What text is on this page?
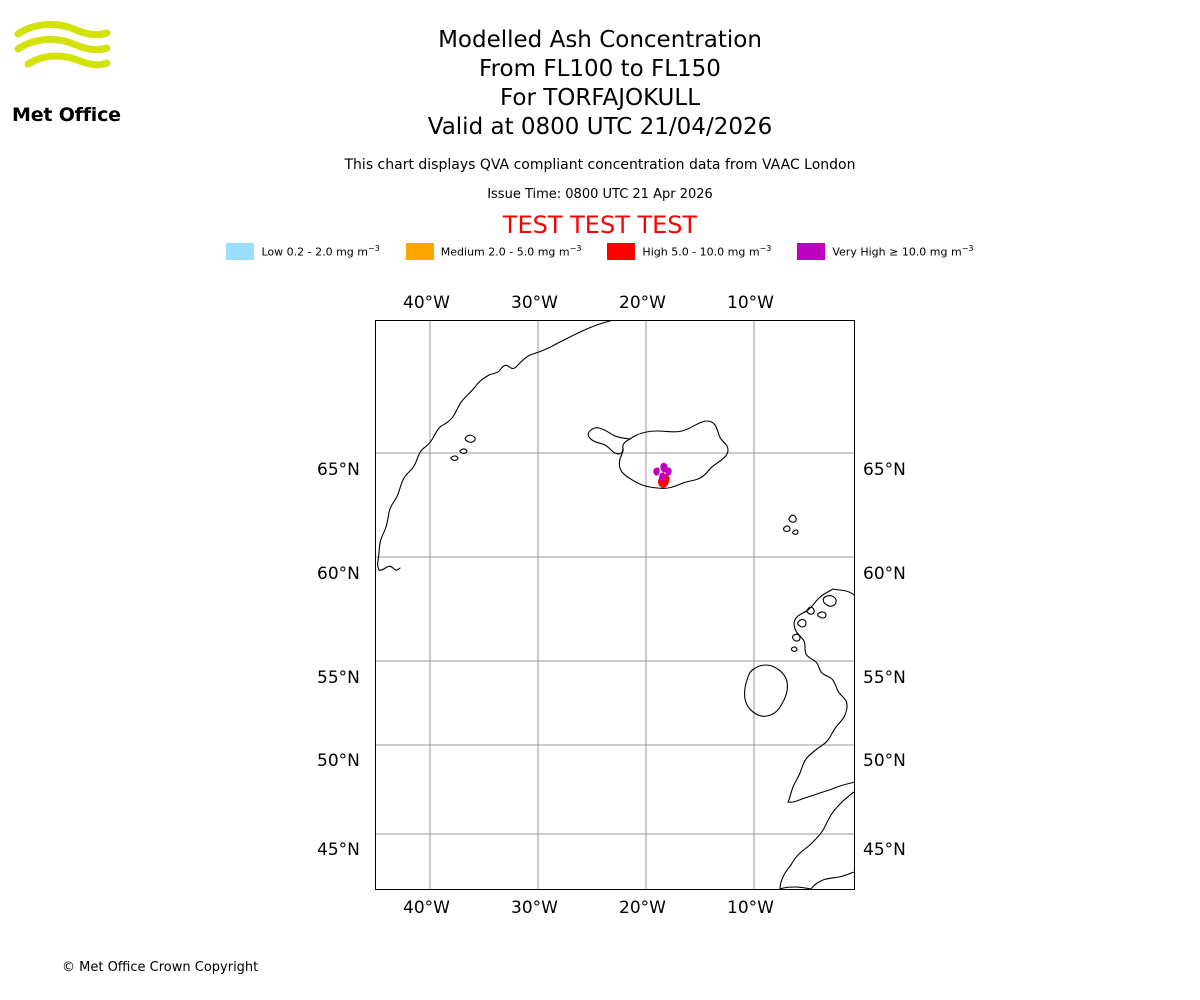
Met Office
Modelled Ash Concentration
From FL100 to FL150
For TORFAJOKULL
Valid at 0800 UTC 21/04/2026
This chart displays QVA compliant concentration data from VAAC London
Issue Time: 0800 UTC 21 Apr 2026
TEST TEST TEST
Low 0.2 - 2.0 mg $m^{-3}$	Medium 2.0 - 5.0 mg $m^{-3}$	High 5.0 - 10.0 mg $m^{-3}$	Very High ≥ 10.0 mg $m^{-3}$
40°W	30°W	20°W	10°W
40°W	30°W	20°W	10°W
65°N
60°N
55°N
50°N
45°N
65°N
60°N
55°N
50°N
45°N
© Met Office Crown Copyright
